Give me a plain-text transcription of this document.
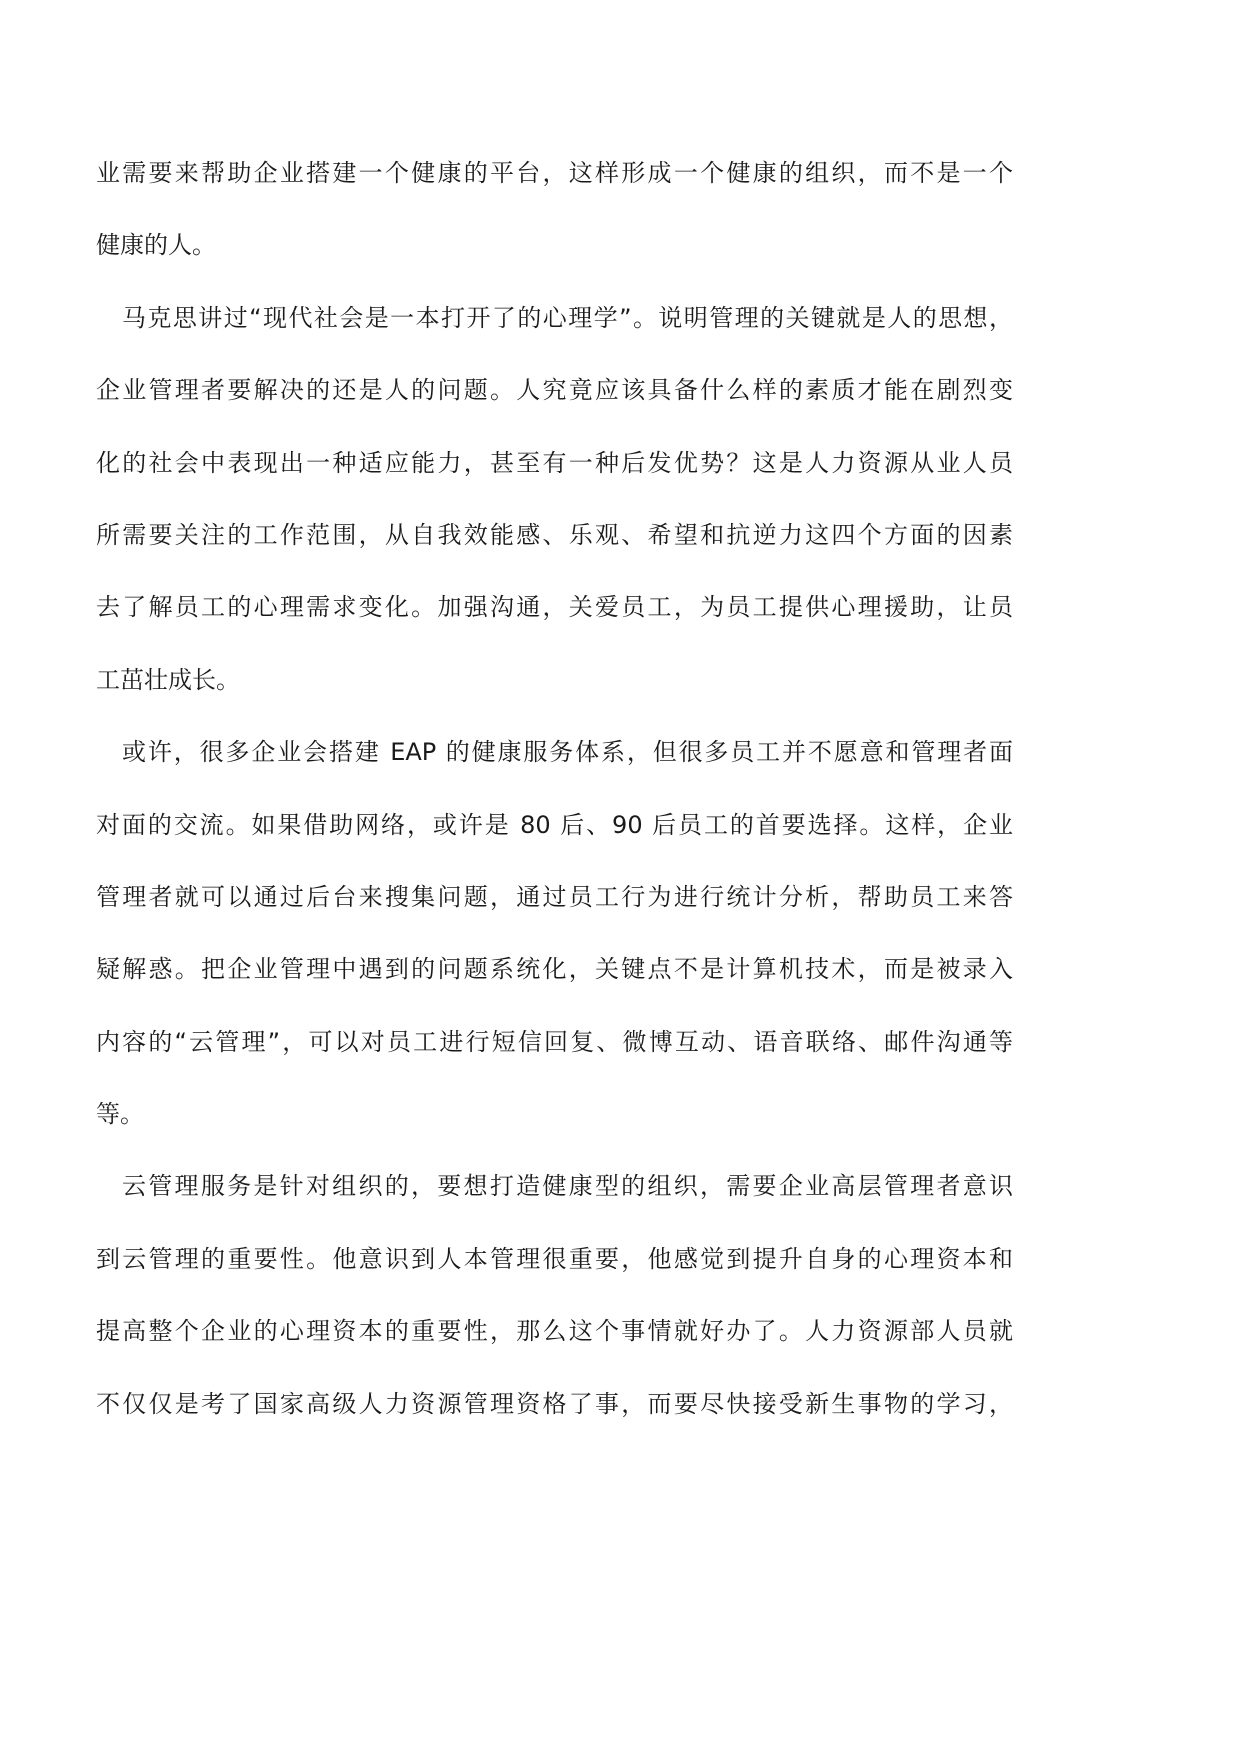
业需要来帮助企业搭建一个健康的平台，这样形成一个健康的组织，而不是一个
健康的人。
马克思讲过“现代社会是一本打开了的心理学”。说明管理的关键就是人的思想，
企业管理者要解决的还是人的问题。人究竟应该具备什么样的素质才能在剧烈变
化的社会中表现出一种适应能力，甚至有一种后发优势？这是人力资源从业人员
所需要关注的工作范围，从自我效能感、乐观、希望和抗逆力这四个方面的因素
去了解员工的心理需求变化。加强沟通，关爱员工，为员工提供心理援助，让员
工茁壮成长。
或许，很多企业会搭建 EAP 的健康服务体系，但很多员工并不愿意和管理者面
对面的交流。如果借助网络，或许是 80 后、90 后员工的首要选择。这样，企业
管理者就可以通过后台来搜集问题，通过员工行为进行统计分析，帮助员工来答
疑解惑。把企业管理中遇到的问题系统化，关键点不是计算机技术，而是被录入
内容的“云管理”，可以对员工进行短信回复、微博互动、语音联络、邮件沟通等
等。
云管理服务是针对组织的，要想打造健康型的组织，需要企业高层管理者意识
到云管理的重要性。他意识到人本管理很重要，他感觉到提升自身的心理资本和
提高整个企业的心理资本的重要性，那么这个事情就好办了。人力资源部人员就
不仅仅是考了国家高级人力资源管理资格了事，而要尽快接受新生事物的学习，
